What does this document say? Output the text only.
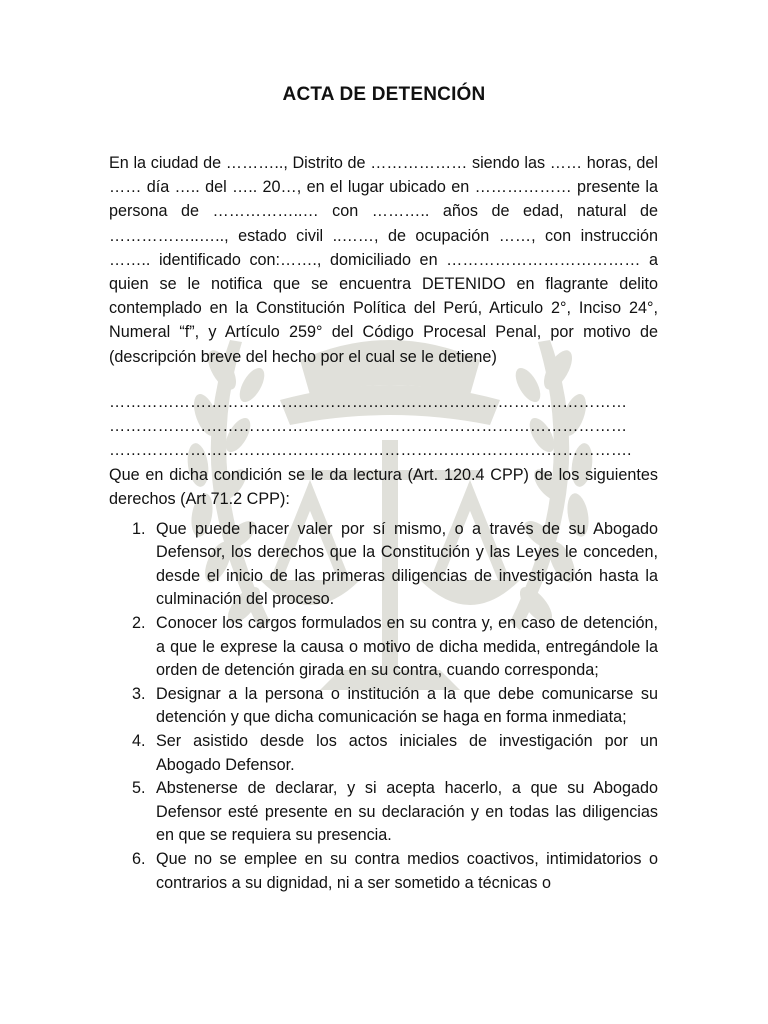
ACTA DE DETENCIÓN
En la ciudad de ……….., Distrito de ……………… siendo las …… horas, del …… día ….. del ….. 20…, en el lugar ubicado en ……………… presente la persona de ……………..… con ……….. años de edad, natural de ……………..….., estado civil ..……, de ocupación ……, con instrucción …….. identificado con:……., domiciliado en ……………………………… a quien se le notifica que se encuentra DETENIDO en flagrante delito contemplado en la Constitución Política del Perú, Articulo 2°, Inciso 24°, Numeral “f”, y Artículo 259° del Código Procesal Penal, por motivo de (descripción breve del hecho por el cual se le detiene)
……………………………………………………………………………………
……………………………………………………………………………………
…………………………………………………………………………………….
Que en dicha condición se le da lectura (Art. 120.4 CPP) de los siguientes derechos (Art 71.2 CPP):
1. Que puede hacer valer por sí mismo, o a través de su Abogado Defensor, los derechos que la Constitución y las Leyes le conceden, desde el inicio de las primeras diligencias de investigación hasta la culminación del proceso.
2. Conocer los cargos formulados en su contra y, en caso de detención, a que le exprese la causa o motivo de dicha medida, entregándole la orden de detención girada en su contra, cuando corresponda;
3. Designar a la persona o institución a la que debe comunicarse su detención y que dicha comunicación se haga en forma inmediata;
4. Ser asistido desde los actos iniciales de investigación por un Abogado Defensor.
5. Abstenerse de declarar, y si acepta hacerlo, a que su Abogado Defensor esté presente en su declaración y en todas las diligencias en que se requiera su presencia.
6. Que no se emplee en su contra medios coactivos, intimidatorios o contrarios a su dignidad, ni a ser sometido a técnicas o
